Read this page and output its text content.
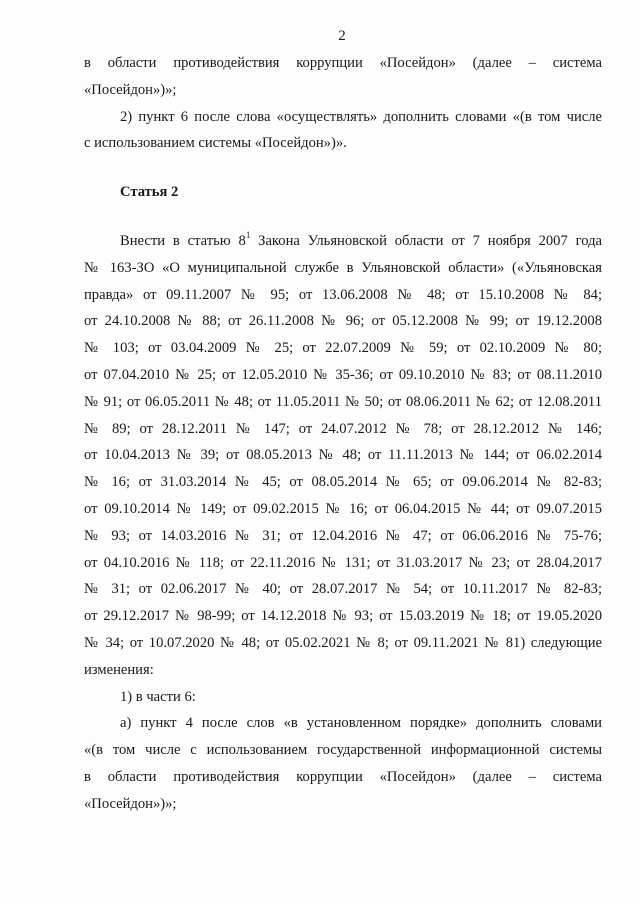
2
в области противодействия коррупции «Посейдон» (далее – система
«Посейдон»)»;
2) пункт 6 после слова «осуществлять» дополнить словами «(в том числе
с использованием системы «Посейдон»)».
Статья 2
Внести в статью $8^1$ Закона Ульяновской области от 7 ноября 2007 года
№ 163-ЗО «О муниципальной службе в Ульяновской области» («Ульяновская
правда» от 09.11.2007 № 95; от 13.06.2008 № 48; от 15.10.2008 № 84;
от 24.10.2008 № 88; от 26.11.2008 № 96; от 05.12.2008 № 99; от 19.12.2008
№ 103; от 03.04.2009 № 25; от 22.07.2009 № 59; от 02.10.2009 № 80;
от 07.04.2010 № 25; от 12.05.2010 № 35-36; от 09.10.2010 № 83; от 08.11.2010
№ 91; от 06.05.2011 № 48; от 11.05.2011 № 50; от 08.06.2011 № 62; от 12.08.2011
№ 89; от 28.12.2011 № 147; от 24.07.2012 № 78; от 28.12.2012 № 146;
от 10.04.2013 № 39; от 08.05.2013 № 48; от 11.11.2013 № 144; от 06.02.2014
№ 16; от 31.03.2014 № 45; от 08.05.2014 № 65; от 09.06.2014 № 82-83;
от 09.10.2014 № 149; от 09.02.2015 № 16; от 06.04.2015 № 44; от 09.07.2015
№ 93; от 14.03.2016 № 31; от 12.04.2016 № 47; от 06.06.2016 № 75-76;
от 04.10.2016 № 118; от 22.11.2016 № 131; от 31.03.2017 № 23; от 28.04.2017
№ 31; от 02.06.2017 № 40; от 28.07.2017 № 54; от 10.11.2017 № 82-83;
от 29.12.2017 № 98-99; от 14.12.2018 № 93; от 15.03.2019 № 18; от 19.05.2020
№ 34; от 10.07.2020 № 48; от 05.02.2021 № 8; от 09.11.2021 № 81) следующие
изменения:
1) в части 6:
а) пункт 4 после слов «в установленном порядке» дополнить словами
«(в том числе с использованием государственной информационной системы
в области противодействия коррупции «Посейдон» (далее – система
«Посейдон»)»;
